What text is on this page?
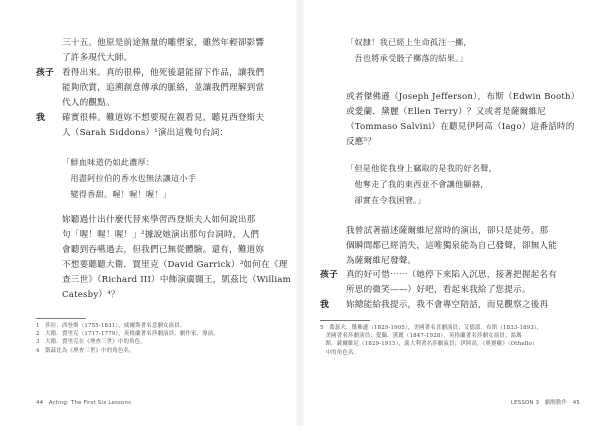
三十五。他原是前途無量的雕塑家，雖然年輕卻影響
了許多現代大師。
孩子 看得出來。真的很棒，他死後還能留下作品，讓我們
能夠欣賞，追溯創意傳承的脈絡，並讓我們理解到當
代人的觀點。
我 確實很棒。難道妳不想要現在親看見，聽見西登斯夫
人（Sarah Siddons）¹演出這幾句台詞：
「鮮血味道仍如此濃厚：
　用盡阿拉伯的香水也無法讓這小手
　變得香甜。喔！喔！喔！」
妳聽過什出什麼代替來學習西登斯夫人如何說出那
句「喔！喔！喔！」²據說她演出那句台詞時，人們
會聽到吞嚥過去，但我們已無從體驗。還有，難道妳
不想要聽聽大衛．賈里克（David Garrick）³如何在《理
查三世》（Richard III）中飾演廣闊王，凱茲比（William
Catesby）⁴？
1　莎拉．西登斯（1755-1831），威爾斯著名悲劇女演員。
2　大衛．賈里克（1717-1779），英格蘭著名莎劇演員、劇作家、導演。
3　大衛．賈里克在《理查三世》中的角色。
4　凱茲比為《理查三世》中的角色名。
44　Acting: The First Six Lessons
「奴隸！我已經上生命孤注一擲，
　吾也將承受骰子擲落的結果。」
或者傑佛遜（Joseph Jefferson），布斯（Edwin Booth）
或愛蘭．黛麗（Ellen Terry）？又或者是薩爾維尼
（Tommaso Salvini）在聽見伊阿高（Iago）這番話時的
反應⁵？
「但是他從我身上竊取的是我的好名聲，
　他奪走了我的東西並不會讓他顯赫，
　卻實在令我困窘。」
我曾試著描述薩爾維尼當時的演出，卻只是徒勞。那
個瞬間都已經消失，這唯獨泉能為自己發聲，卻無人能
為薩爾維尼發聲。
孩子 真的好可惜⋯⋯（她停下來陷入沉思，接著把握起名有
所思的微笑——）好吧，看起來我給了您提示。
我 妳總能給我提示，我不會專空陪話，而見觀察之後再
5　喬瑟夫．傑佛遜（1829-1905），美國著名喜劇演員；艾德溫．布斯（1833-1893），
　美國著名莎劇演員；愛蘭．黛麗（1847-1928），英格蘭著名莎劇女演員；湯瑪
　斯．薩爾維尼（1829-1915），義大利著名莎劇演員；伊阿高，《奧賽羅》（Othello）
　中的角色名。
LESSON 3　劇醒動作　45
